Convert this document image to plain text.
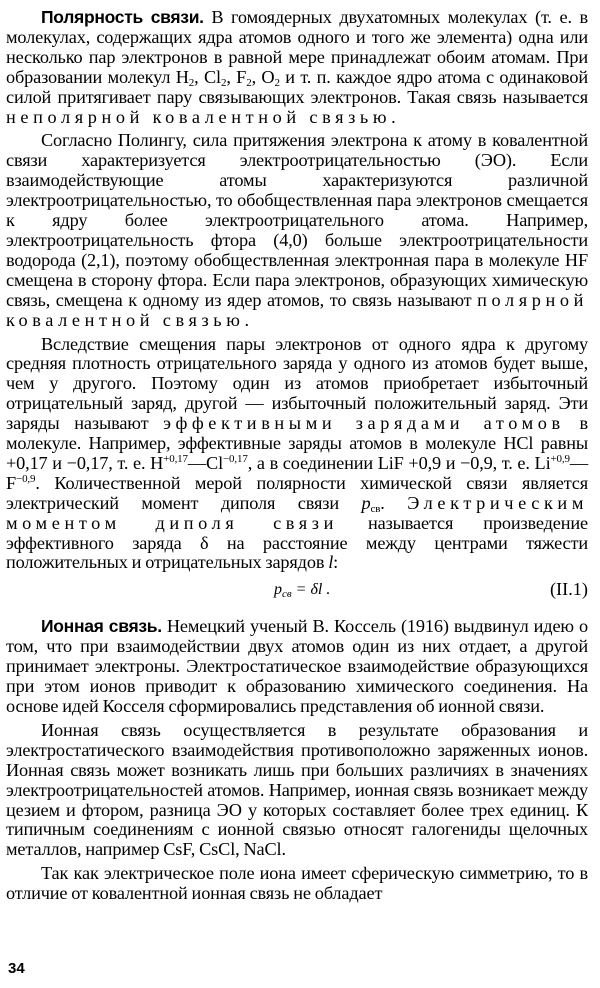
Полярность связи. В гомоядерных двухатомных молекулах (т. е. в молекулах, содержащих ядра атомов одного и того же элемента) одна или несколько пар электронов в равной мере принадлежат обоим атомам. При образовании молекул $H_2$, $Cl_2$, $F_2$, $O_2$ и т. п. каждое ядро атома с одинаковой силой притягивает пару связывающих электронов. Такая связь называется неполярной ковалентной связью.

Согласно Полингу, сила притяжения электрона к атому в ковалентной связи характеризуется электроотрицательностью (ЭО). Если взаимодействующие атомы характеризуются различной электроотрицательностью, то обобществленная пара электронов смещается к ядру более электроотрицательного атома. Например, электроотрицательность фтора (4,0) больше электроотрицательности водорода (2,1), поэтому обобществленная электронная пара в молекуле HF смещена в сторону фтора. Если пара электронов, образующих химическую связь, смещена к одному из ядер атомов, то связь называют полярной ковалентной связью.

Вследствие смещения пары электронов от одного ядра к другому средняя плотность отрицательного заряда у одного из атомов будет выше, чем у другого. Поэтому один из атомов приобретает избыточный отрицательный заряд, другой — избыточный положительный заряд. Эти заряды называют эффективными зарядами атомов в молекуле. Например, эффективные заряды атомов в молекуле HCl равны +0,17 и −0,17, т. е. $H^{+0,17}—Cl^{-0,17}$, а в соединении LiF +0,9 и −0,9, т. е. $Li^{+0,9}—F^{-0,9}$. Количественной мерой полярности химической связи является электрический момент диполя связи $p_{св}$. Электрическим моментом диполя связи называется произведение эффективного заряда δ на расстояние между центрами тяжести положительных и отрицательных зарядов l:

$p_{св} = \delta l$ .	(II.1)

Ионная связь. Немецкий ученый В. Коссель (1916) выдвинул идею о том, что при взаимодействии двух атомов один из них отдает, а другой принимает электроны. Электростатическое взаимодействие образующихся при этом ионов приводит к образованию химического соединения. На основе идей Косселя сформировались представления об ионной связи.

Ионная связь осуществляется в результате образования и электростатического взаимодействия противоположно заряженных ионов. Ионная связь может возникать лишь при больших различиях в значениях электроотрицательностей атомов. Например, ионная связь возникает между цезием и фтором, разница ЭО у которых составляет более трех единиц. К типичным соединениям с ионной связью относят галогениды щелочных металлов, например CsF, CsCl, NaCl.

Так как электрическое поле иона имеет сферическую симметрию, то в отличие от ковалентной ионная связь не обладает

34
